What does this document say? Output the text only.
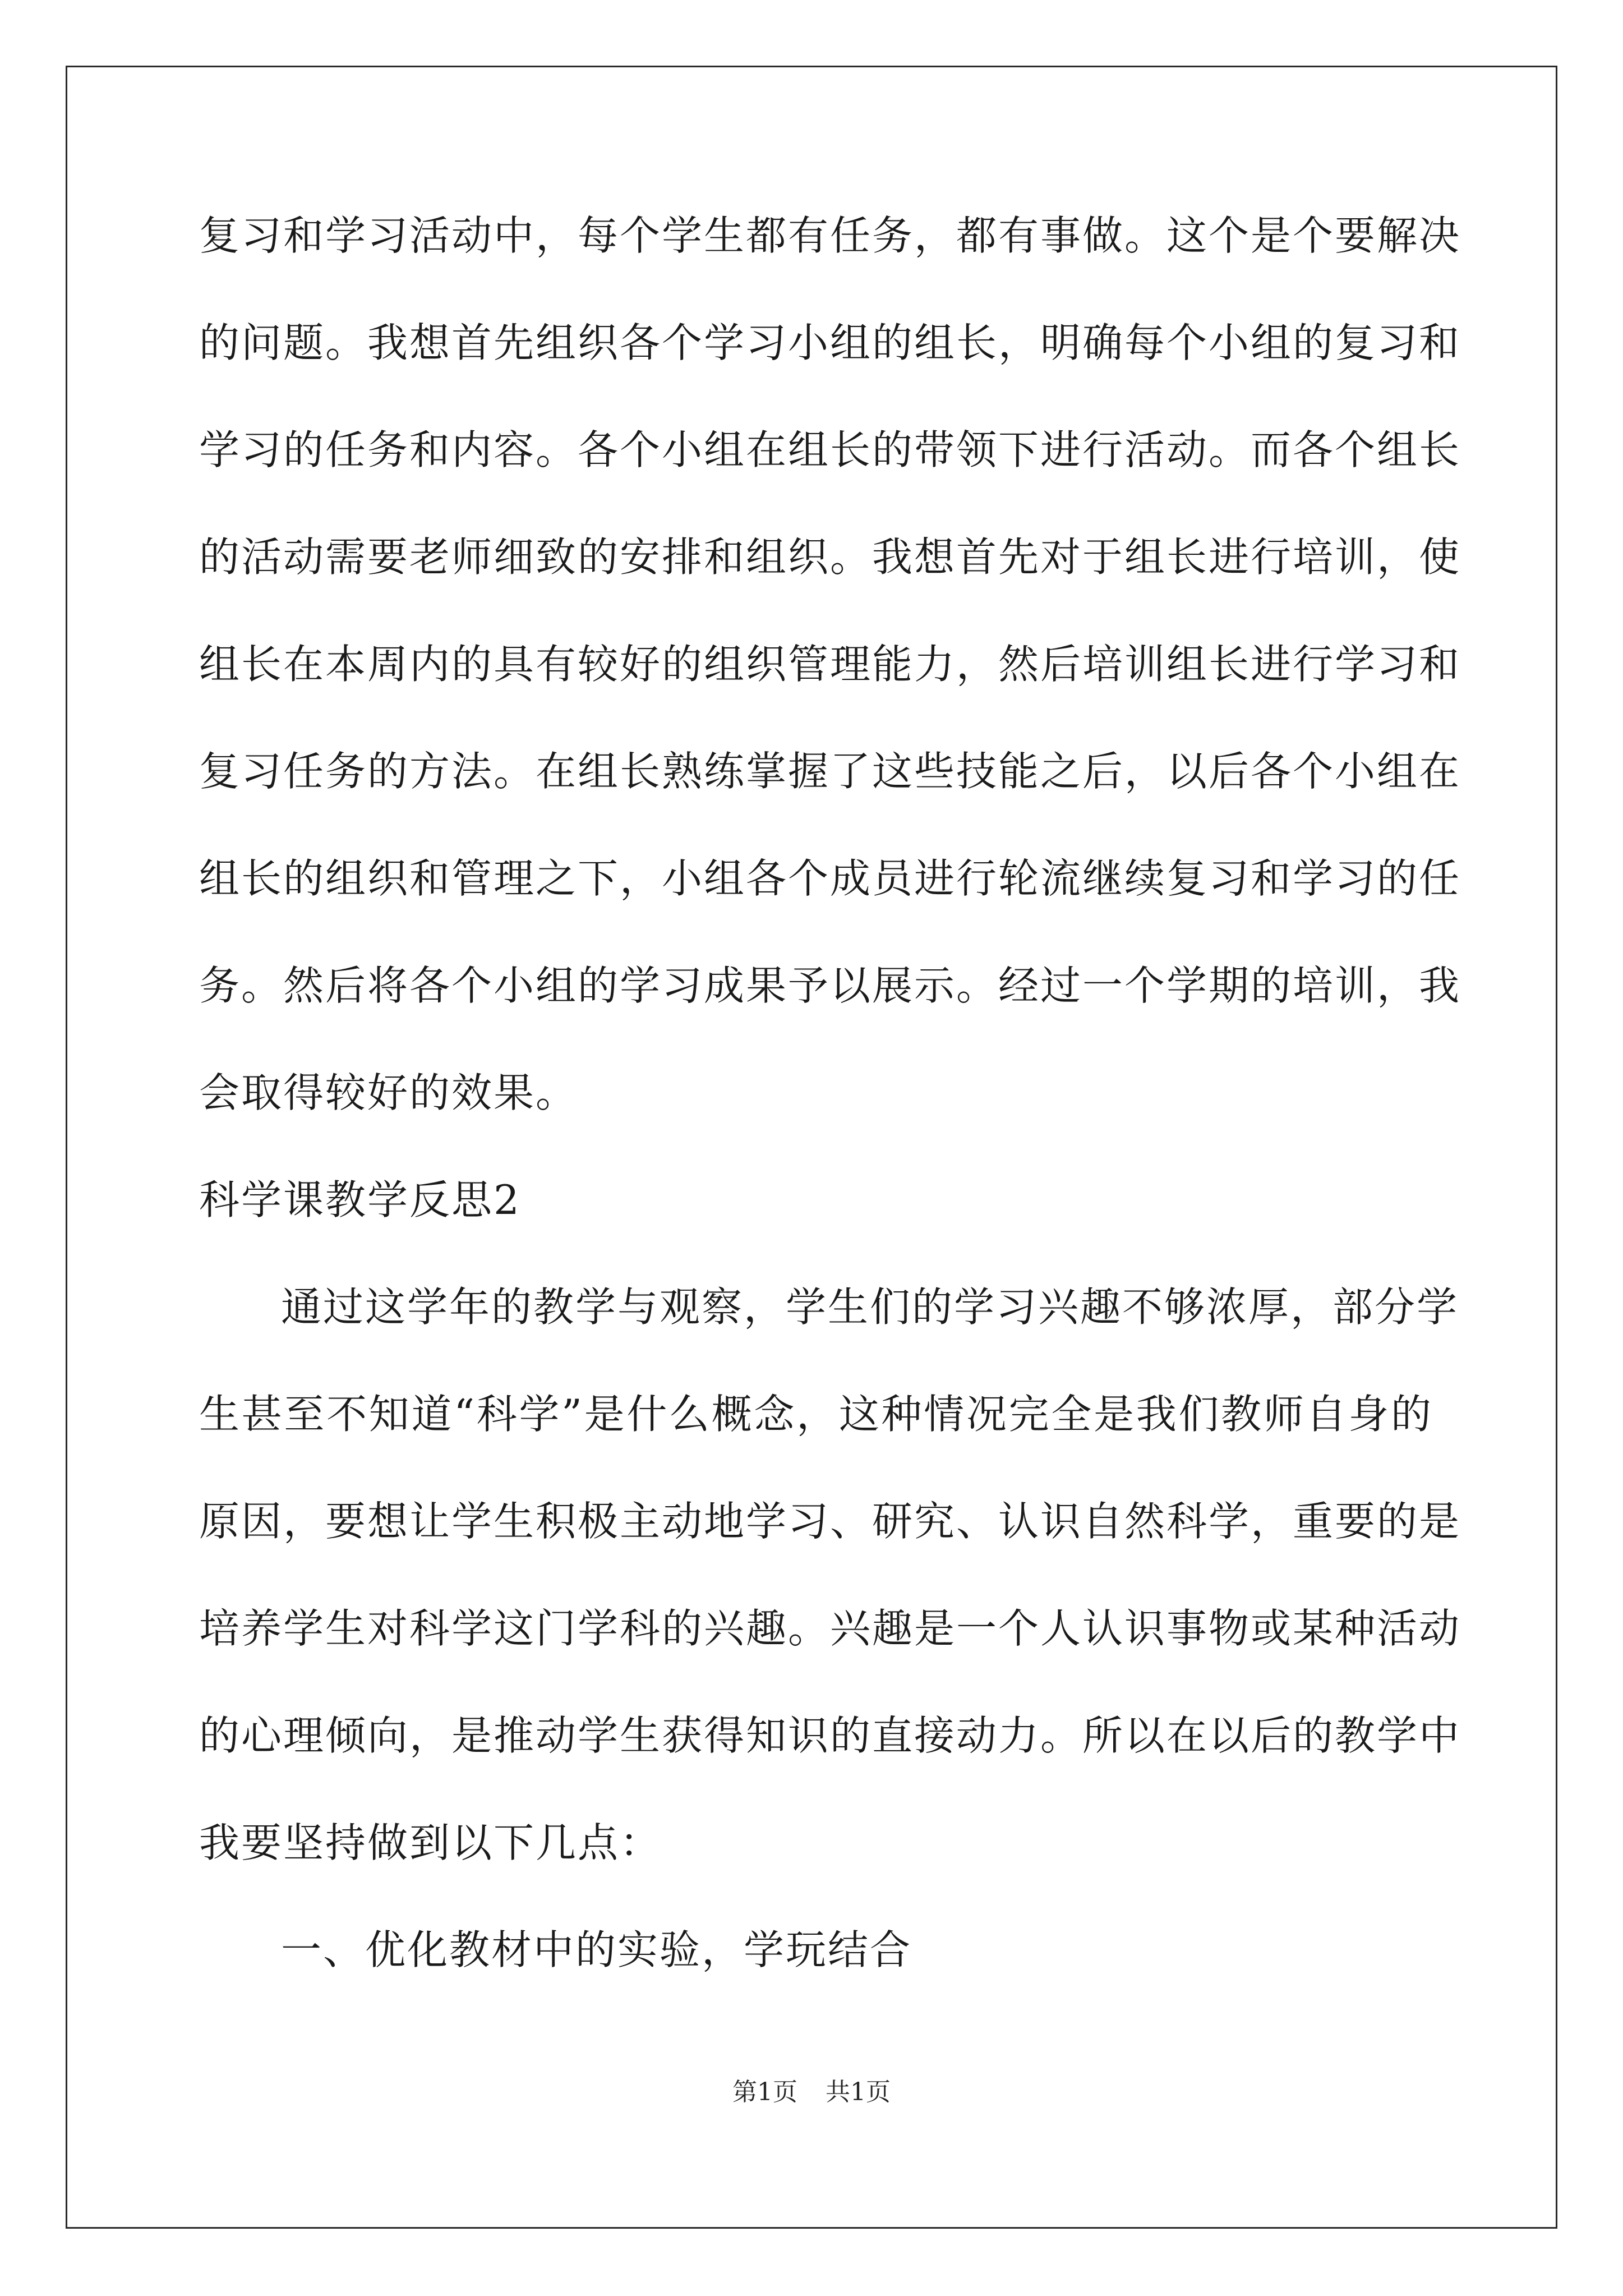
复习和学习活动中，每个学生都有任务，都有事做。这个是个要解决
的问题。我想首先组织各个学习小组的组长，明确每个小组的复习和
学习的任务和内容。各个小组在组长的带领下进行活动。而各个组长
的活动需要老师细致的安排和组织。我想首先对于组长进行培训，使
组长在本周内的具有较好的组织管理能力，然后培训组长进行学习和
复习任务的方法。在组长熟练掌握了这些技能之后，以后各个小组在
组长的组织和管理之下，小组各个成员进行轮流继续复习和学习的任
务。然后将各个小组的学习成果予以展示。经过一个学期的培训，我
会取得较好的效果。
科学课教学反思2
通过这学年的教学与观察，学生们的学习兴趣不够浓厚，部分学
生甚至不知道“科学”是什么概念，这种情况完全是我们教师自身的
原因，要想让学生积极主动地学习、研究、认识自然科学，重要的是
培养学生对科学这门学科的兴趣。兴趣是一个人认识事物或某种活动
的心理倾向，是推动学生获得知识的直接动力。所以在以后的教学中
我要坚持做到以下几点：
一、优化教材中的实验，学玩结合
第1页 共1页
